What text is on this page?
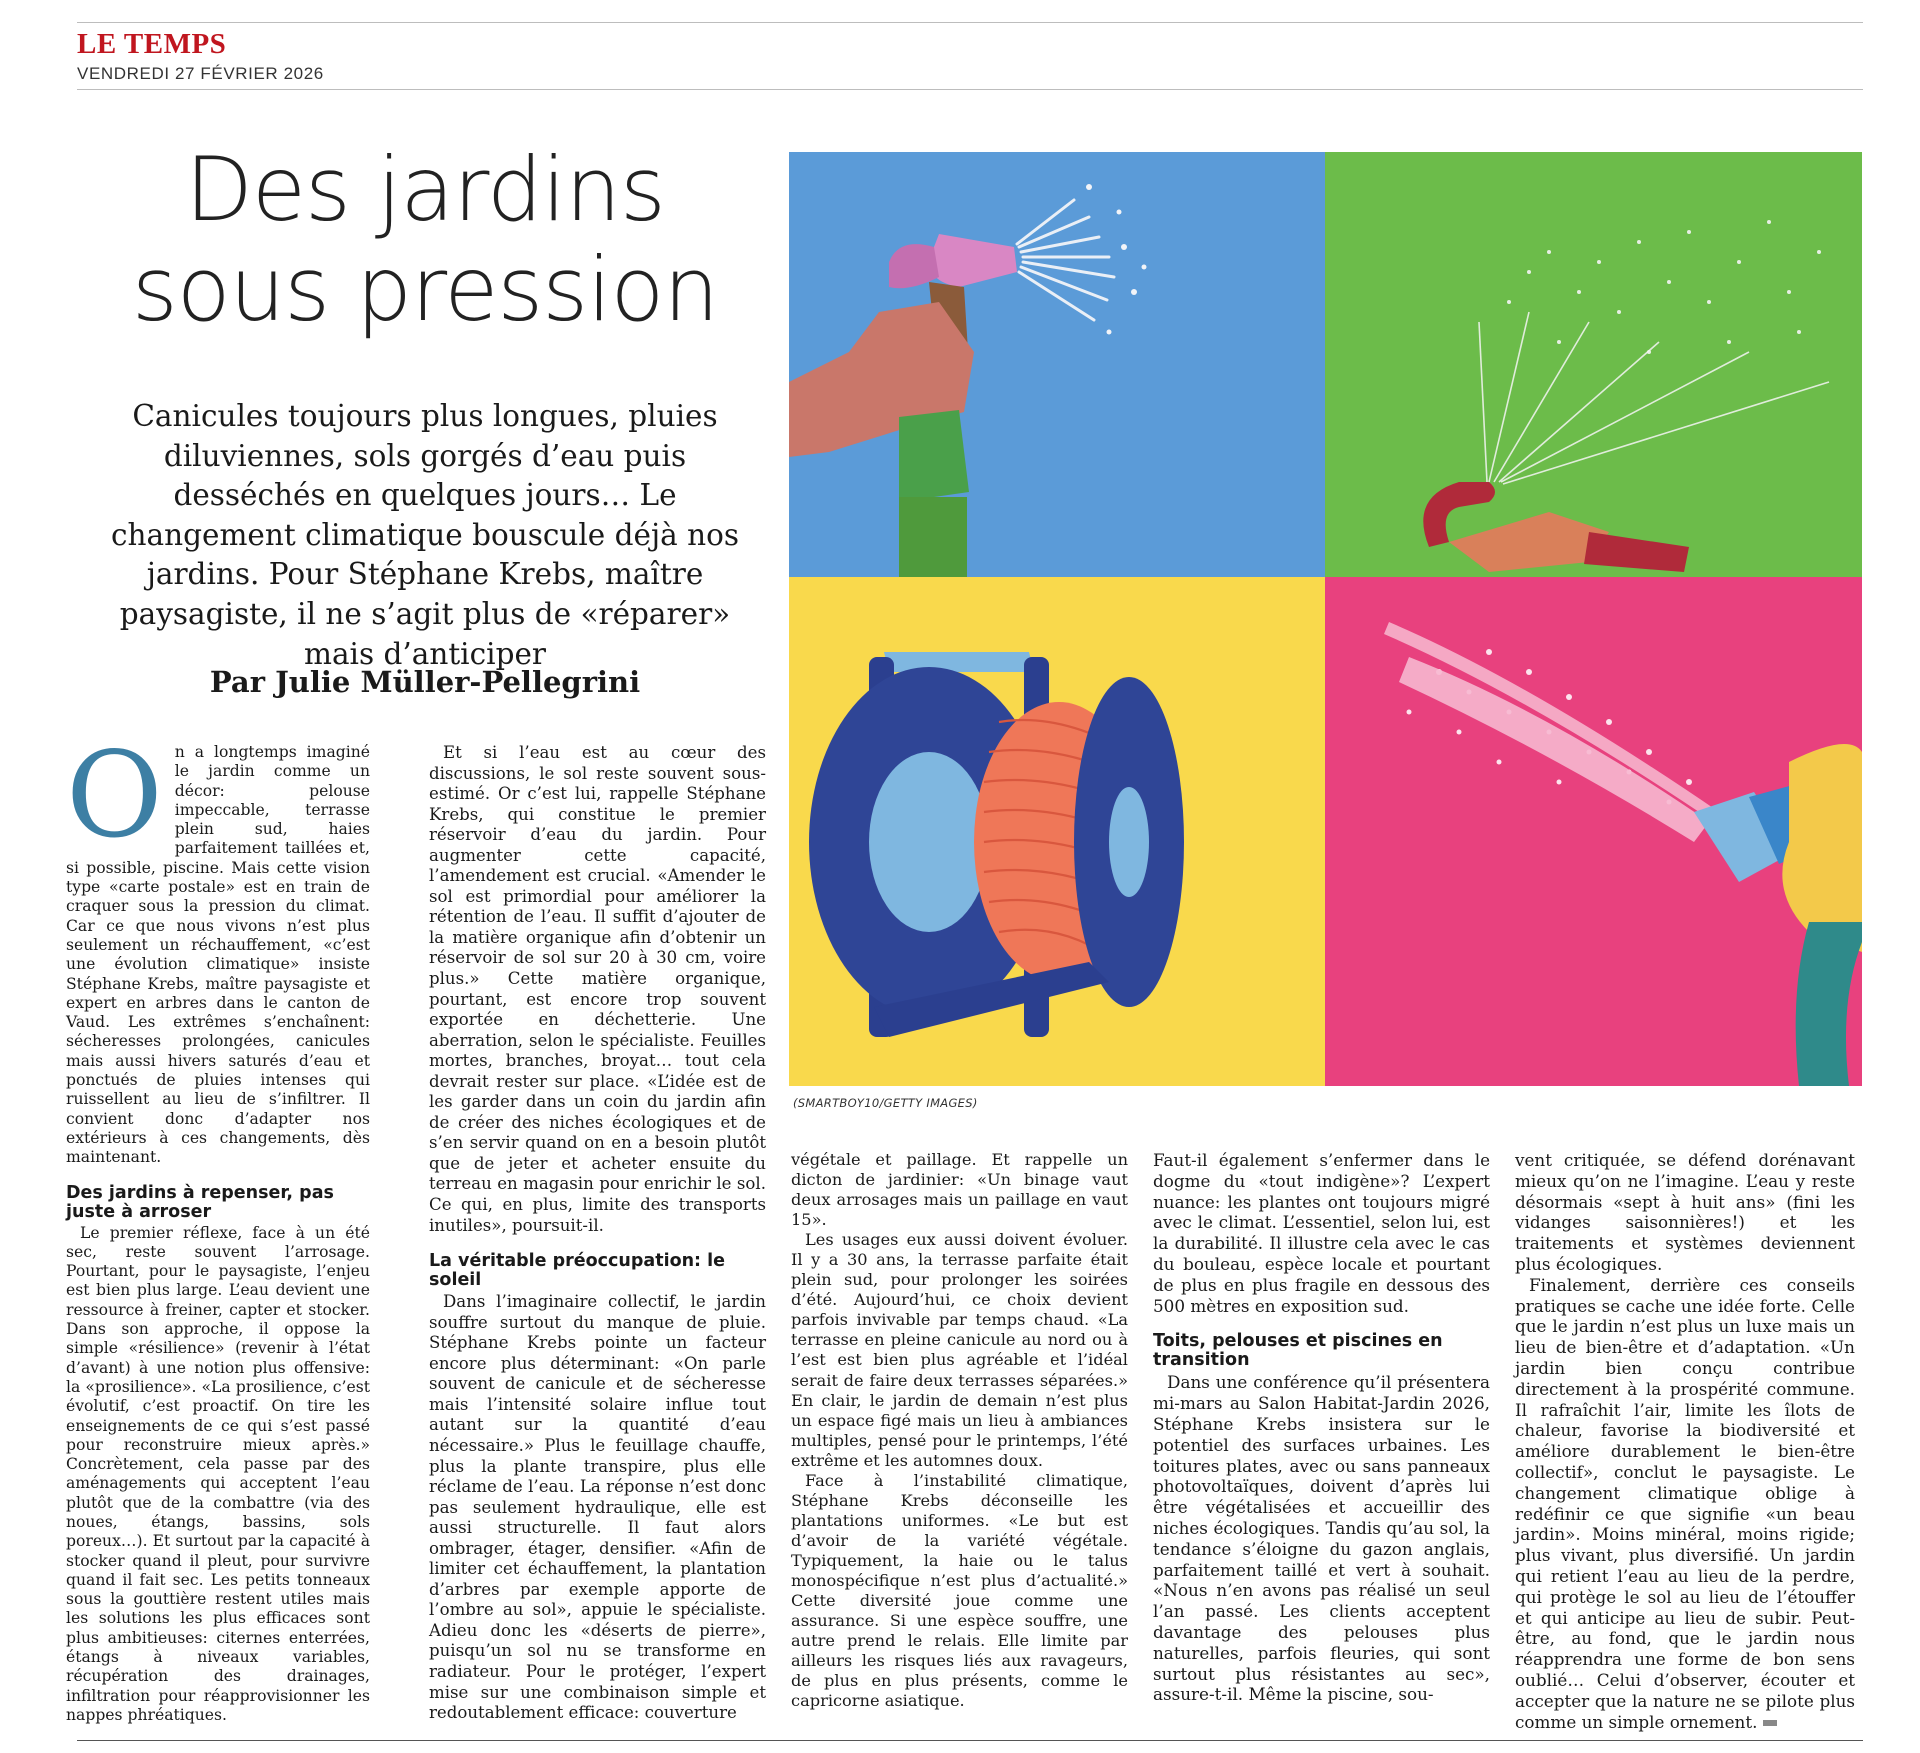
LE TEMPS
VENDREDI 27 FÉVRIER 2026
Des jardins
sous pression
Canicules toujours plus longues, pluies diluviennes, sols gorgés d’eau puis desséchés en quelques jours… Le changement climatique bouscule déjà nos jardins. Pour Stéphane Krebs, maître paysagiste, il ne s’agit plus de «réparer» mais d’anticiper
Par Julie Müller-Pellegrini
(SMARTBOY10/GETTY IMAGES)

On a longtemps imaginé le jardin comme un décor: pelouse impeccable, terrasse plein sud, haies parfaitement taillées et, si possible, piscine. Mais cette vision type «carte postale» est en train de craquer sous la pression du climat. Car ce que nous vivons n’est plus seulement un réchauffement, «c’est une évolution climatique» insiste Stéphane Krebs, maître paysagiste et expert en arbres dans le canton de Vaud. Les extrêmes s’enchaînent: sécheresses prolongées, canicules mais aussi hivers saturés d’eau et ponctués de pluies intenses qui ruissellent au lieu de s’infiltrer. Il convient donc d’adapter nos extérieurs à ces changements, dès maintenant.

Des jardins à repenser, pas juste à arroser

Le premier réflexe, face à un été sec, reste souvent l’arrosage. Pourtant, pour le paysagiste, l’enjeu est bien plus large. L’eau devient une ressource à freiner, capter et stocker. Dans son approche, il oppose la simple «résilience» (revenir à l’état d’avant) à une notion plus offensive: la «prosilience». «La prosilience, c’est évolutif, c’est proactif. On tire les enseignements de ce qui s’est passé pour reconstruire mieux après.» Concrètement, cela passe par des aménagements qui acceptent l’eau plutôt que de la combattre (via des noues, étangs, bassins, sols poreux…). Et surtout par la capacité à stocker quand il pleut, pour survivre quand il fait sec. Les petits tonneaux sous la gouttière restent utiles mais les solutions les plus efficaces sont plus ambitieuses: citernes enterrées, étangs à niveaux variables, récupération des drainages, infiltration pour réapprovisionner les nappes phréatiques.

Et si l’eau est au cœur des discussions, le sol reste souvent sous-estimé. Or c’est lui, rappelle Stéphane Krebs, qui constitue le premier réservoir d’eau du jardin. Pour augmenter cette capacité, l’amendement est crucial. «Amender le sol est primordial pour améliorer la rétention de l’eau. Il suffit d’ajouter de la matière organique afin d’obtenir un réservoir de sol sur 20 à 30 cm, voire plus.» Cette matière organique, pourtant, est encore trop souvent exportée en déchetterie. Une aberration, selon le spécialiste. Feuilles mortes, branches, broyat… tout cela devrait rester sur place. «L’idée est de les garder dans un coin du jardin afin de créer des niches écologiques et de s’en servir quand on en a besoin plutôt que de jeter et acheter ensuite du terreau en magasin pour enrichir le sol. Ce qui, en plus, limite des transports inutiles», poursuit-il.

La véritable préoccupation: le soleil

Dans l’imaginaire collectif, le jardin souffre surtout du manque de pluie. Stéphane Krebs pointe un facteur encore plus déterminant: «On parle souvent de canicule et de sécheresse mais l’intensité solaire influe tout autant sur la quantité d’eau nécessaire.» Plus le feuillage chauffe, plus la plante transpire, plus elle réclame de l’eau. La réponse n’est donc pas seulement hydraulique, elle est aussi structurelle. Il faut alors ombrager, étager, densifier. «Afin de limiter cet échauffement, la plantation d’arbres par exemple apporte de l’ombre au sol», appuie le spécialiste. Adieu donc les «déserts de pierre», puisqu’un sol nu se transforme en radiateur. Pour le protéger, l’expert mise sur une combinaison simple et redoutablement efficace: couverture

végétale et paillage. Et rappelle un dicton de jardinier: «Un binage vaut deux arrosages mais un paillage en vaut 15».

Les usages eux aussi doivent évoluer. Il y a 30 ans, la terrasse parfaite était plein sud, pour prolonger les soirées d’été. Aujourd’hui, ce choix devient parfois invivable par temps chaud. «La terrasse en pleine canicule au nord ou à l’est est bien plus agréable et l’idéal serait de faire deux terrasses séparées.» En clair, le jardin de demain n’est plus un espace figé mais un lieu à ambiances multiples, pensé pour le printemps, l’été extrême et les automnes doux.

Face à l’instabilité climatique, Stéphane Krebs déconseille les plantations uniformes. «Le but est d’avoir de la variété végétale. Typiquement, la haie ou le talus monospécifique n’est plus d’actualité.» Cette diversité joue comme une assurance. Si une espèce souffre, une autre prend le relais. Elle limite par ailleurs les risques liés aux ravageurs, de plus en plus présents, comme le capricorne asiatique.

Faut-il également s’enfermer dans le dogme du «tout indigène»? L’expert nuance: les plantes ont toujours migré avec le climat. L’essentiel, selon lui, est la durabilité. Il illustre cela avec le cas du bouleau, espèce locale et pourtant de plus en plus fragile en dessous des 500 mètres en exposition sud.

Toits, pelouses et piscines en transition

Dans une conférence qu’il présentera mi-mars au Salon Habitat-Jardin 2026, Stéphane Krebs insistera sur le potentiel des surfaces urbaines. Les toitures plates, avec ou sans panneaux photovoltaïques, doivent d’après lui être végétalisées et accueillir des niches écologiques. Tandis qu’au sol, la tendance s’éloigne du gazon anglais, parfaitement taillé et vert à souhait. «Nous n’en avons pas réalisé un seul l’an passé. Les clients acceptent davantage des pelouses plus naturelles, parfois fleuries, qui sont surtout plus résistantes au sec», assure-t-il. Même la piscine, sou-

vent critiquée, se défend dorénavant mieux qu’on ne l’imagine. L’eau y reste désormais «sept à huit ans» (fini les vidanges saisonnières!) et les traitements et systèmes deviennent plus écologiques.

Finalement, derrière ces conseils pratiques se cache une idée forte. Celle que le jardin n’est plus un luxe mais un lieu de bien-être et d’adaptation. «Un jardin bien conçu contribue directement à la prospérité commune. Il rafraîchit l’air, limite les îlots de chaleur, favorise la biodiversité et améliore durablement le bien-être collectif», conclut le paysagiste. Le changement climatique oblige à redéfinir ce que signifie «un beau jardin». Moins minéral, moins rigide; plus vivant, plus diversifié. Un jardin qui retient l’eau au lieu de la perdre, qui protège le sol au lieu de l’étouffer et qui anticipe au lieu de subir. Peut-être, au fond, que le jardin nous réapprendra une forme de bon sens oublié… Celui d’observer, écouter et accepter que la nature ne se pilote plus comme un simple ornement.
